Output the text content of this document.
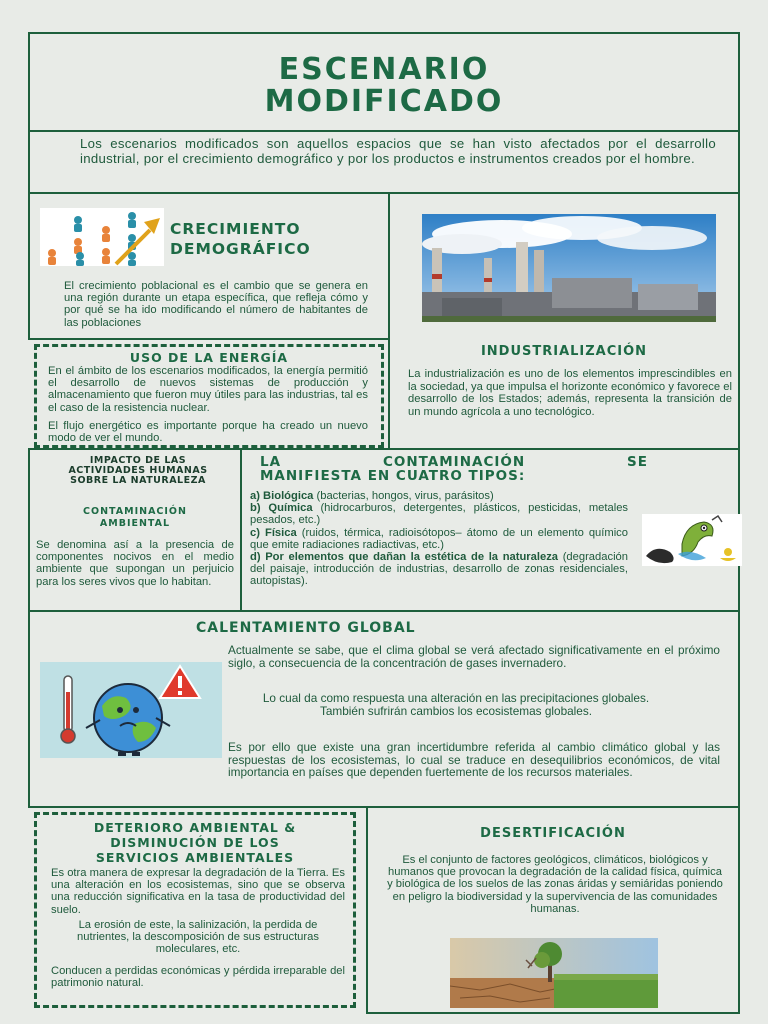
ESCENARIO
MODIFICADO

Los escenarios modificados son aquellos espacios que se han visto afectados por el desarrollo industrial, por el crecimiento demográfico y por los productos e instrumentos creados por el hombre.

CRECIMIENTO
DEMOGRÁFICO

El crecimiento poblacional es el cambio que se genera en una región durante un etapa específica, que refleja cómo y por qué se ha ido modificando el número de habitantes de las poblaciones

INDUSTRIALIZACIÓN

La industrialización es uno de los elementos imprescindibles en la sociedad, ya que impulsa el horizonte económico y favorece el desarrollo de los Estados; además, representa la transición de un mundo agrícola a uno tecnológico.

USO DE LA ENERGÍA

En el ámbito de los escenarios modificados, la energía permitió el desarrollo de nuevos sistemas de producción y almacenamiento que fueron muy útiles para las industrias, tal es el caso de la resistencia nuclear.

El flujo energético es importante porque ha creado un nuevo modo de ver el mundo.

IMPACTO DE LAS ACTIVIDADES HUMANAS SOBRE LA NATURALEZA
CONTAMINACIÓN
AMBIENTAL

Se denomina así a la presencia de componentes nocivos en el medio ambiente que supongan un perjuicio para los seres vivos que lo habitan.

LA CONTAMINACIÓN SE
MANIFIESTA EN CUATRO TIPOS:
a) Biológica (bacterias, hongos, virus, parásitos)
b) Química (hidrocarburos, detergentes, plásticos, pesticidas, metales pesados, etc.)
c) Física (ruidos, térmica, radioisótopos– átomo de un elemento químico que emite radiaciones radiactivas, etc.)
d) Por elementos que dañan la estética de la naturaleza (degradación del paisaje, introducción de industrias, desarrollo de zonas residenciales, autopistas).
CALENTAMIENTO GLOBAL

Actualmente se sabe, que el clima global se verá afectado significativamente en el próximo siglo, a consecuencia de la concentración de gases invernadero.

Lo cual da como respuesta una alteración en las precipitaciones globales. También sufrirán cambios los ecosistemas globales.

Es por ello que existe una gran incertidumbre referida al cambio climático global y las respuestas de los ecosistemas, lo cual se traduce en desequilibrios económicos, de vital importancia en países que dependen fuertemente de los recursos materiales.

DETERIORO AMBIENTAL &
DISMINUCIÓN DE LOS
SERVICIOS AMBIENTALES

Es otra manera de expresar la degradación de la Tierra. Es una alteración en los ecosistemas, sino que se observa una reducción significativa en la tasa de productividad del suelo.

La erosión de este, la salinización, la perdida de nutrientes, la descomposición de sus estructuras moleculares, etc.

Conducen a perdidas económicas y pérdida irreparable del patrimonio natural.

DESERTIFICACIÓN

Es el conjunto de factores geológicos, climáticos, biológicos y humanos que provocan la degradación de la calidad física, química y biológica de los suelos de las zonas áridas y semiáridas poniendo en peligro la biodiversidad y la supervivencia de las comunidades humanas.
